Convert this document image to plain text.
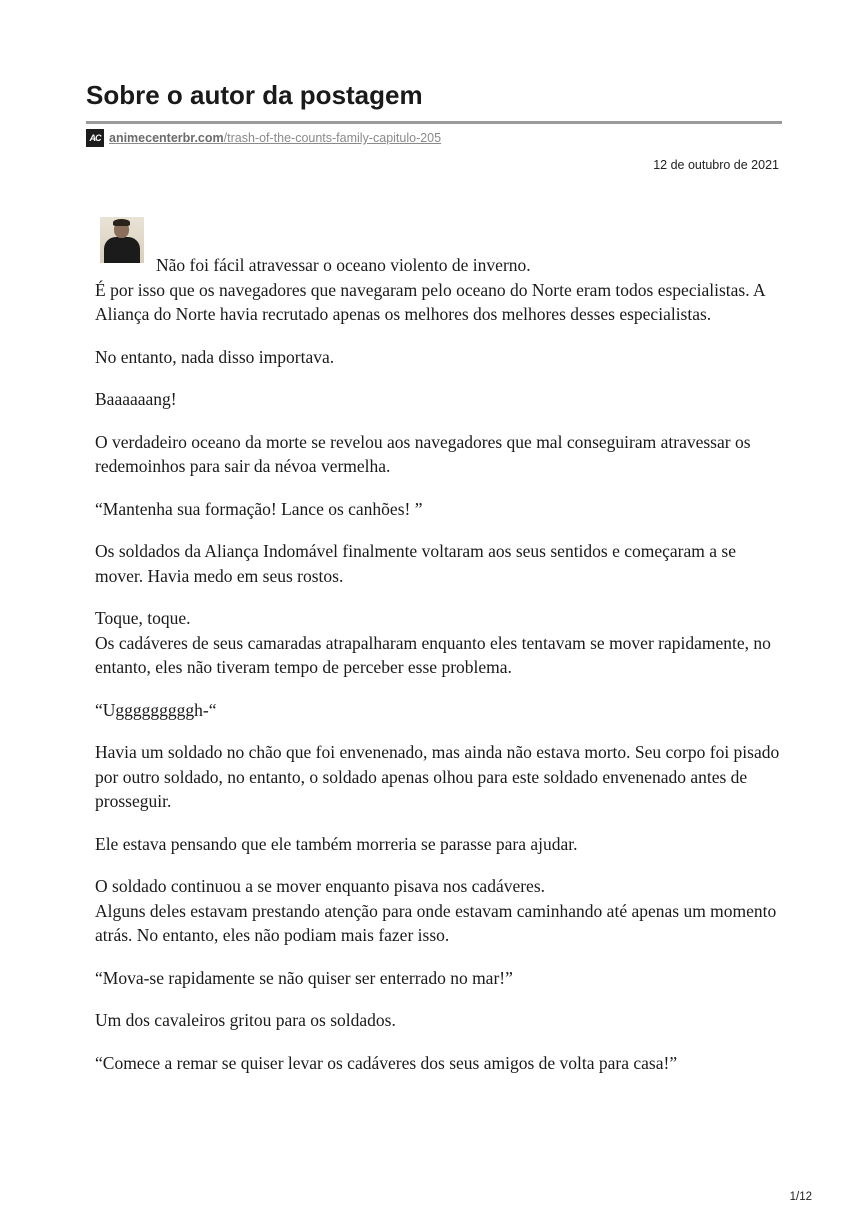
Sobre o autor da postagem
AC animecenterbr.com/trash-of-the-counts-family-capitulo-205
12 de outubro de 2021

Não foi fácil atravessar o oceano violento de inverno.

É por isso que os navegadores que navegaram pelo oceano do Norte eram todos especialistas. A Aliança do Norte havia recrutado apenas os melhores dos melhores desses especialistas.

No entanto, nada disso importava.

Baaaaaang!

O verdadeiro oceano da morte se revelou aos navegadores que mal conseguiram atravessar os redemoinhos para sair da névoa vermelha.

“Mantenha sua formação! Lance os canhões! ”

Os soldados da Aliança Indomável finalmente voltaram aos seus sentidos e começaram a se mover. Havia medo em seus rostos.

Toque, toque.

Os cadáveres de seus camaradas atrapalharam enquanto eles tentavam se mover rapidamente, no entanto, eles não tiveram tempo de perceber esse problema.

“Ugggggggggh-“

Havia um soldado no chão que foi envenenado, mas ainda não estava morto. Seu corpo foi pisado por outro soldado, no entanto, o soldado apenas olhou para este soldado envenenado antes de prosseguir.

Ele estava pensando que ele também morreria se parasse para ajudar.

O soldado continuou a se mover enquanto pisava nos cadáveres.

Alguns deles estavam prestando atenção para onde estavam caminhando até apenas um momento atrás. No entanto, eles não podiam mais fazer isso.

“Mova-se rapidamente se não quiser ser enterrado no mar!”

Um dos cavaleiros gritou para os soldados.

“Comece a remar se quiser levar os cadáveres dos seus amigos de volta para casa!”

1/12
